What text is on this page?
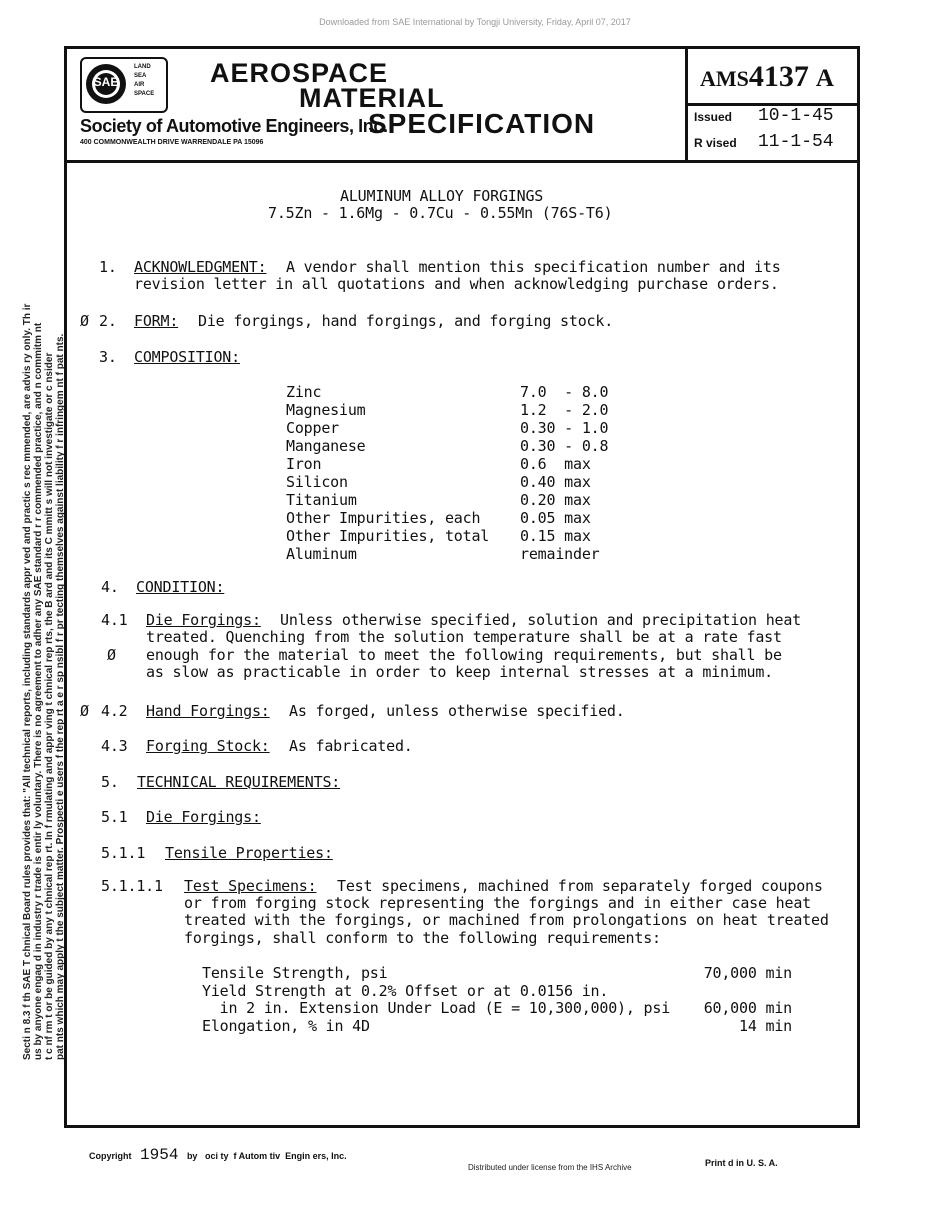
Downloaded from SAE International by Tongji University, Friday, April 07, 2017
Secti n 8.3 f th SAE T chnical Board rules provides that: "All technical reports, including standards appr ved and practic s rec mmended, are advis ry only. Th ir us by anyone engag d in industry r trade is entir ly voluntary. There is no agreement to adher any SAE standard r r commended practice, and n commitm nt t c nf rm t or be guided by any t chnical rep rt. In f rmulating and appr ving t chnical rep rts, the B ard and its C mmitt s will not investigate or c nsider pat nts which may apply t the subject matter. Prospecti e users f the rep rt a e r sp nsibl f r pr tecting themselves against liability f r infringem nt f pat nts.
SAE
LAND
SEA
AIR
SPACE
AEROSPACE
MATERIAL
SPECIFICATION
Society of Automotive Engineers, Inc.
400 COMMONWEALTH DRIVE WARRENDALE PA 15096
AMS4137 A
Issued 10-1-45
R vised 11-1-54
ALUMINUM ALLOY FORGINGS
7.5Zn - 1.6Mg - 0.7Cu - 0.55Mn (76S-T6)
1. ACKNOWLEDGMENT: A vendor shall mention this specification number and its
revision letter in all quotations and when acknowledging purchase orders.
Ø 2. FORM: Die forgings, hand forgings, and forging stock.
3. COMPOSITION:
Zinc	7.0  - 8.0
Magnesium	1.2  - 2.0
Copper	0.30 - 1.0
Manganese	0.30 - 0.8
Iron	0.6  max
Silicon	0.40 max
Titanium	0.20 max
Other Impurities, each	0.05 max
Other Impurities, total	0.15 max
Aluminum	remainder
4. CONDITION:
4.1 Die Forgings: Unless otherwise specified, solution and precipitation heat
treated. Quenching from the solution temperature shall be at a rate fast
Ø enough for the material to meet the following requirements, but shall be
as slow as practicable in order to keep internal stresses at a minimum.
Ø 4.2 Hand Forgings: As forged, unless otherwise specified.
4.3 Forging Stock: As fabricated.
5. TECHNICAL REQUIREMENTS:
5.1 Die Forgings:
5.1.1 Tensile Properties:
5.1.1.1 Test Specimens: Test specimens, machined from separately forged coupons
or from forging stock representing the forgings and in either case heat
treated with the forgings, or machined from prolongations on heat treated
forgings, shall conform to the following requirements:
Tensile Strength, psi	70,000 min
Yield Strength at 0.2% Offset or at 0.0156 in.
in 2 in. Extension Under Load (E = 10,300,000), psi 60,000 min
Elongation, % in 4D	14 min
Copyright 1954 by   oci ty  f Autom tiv  Engin ers, Inc.
Distributed under license from the IHS Archive	Print d in U. S. A.
